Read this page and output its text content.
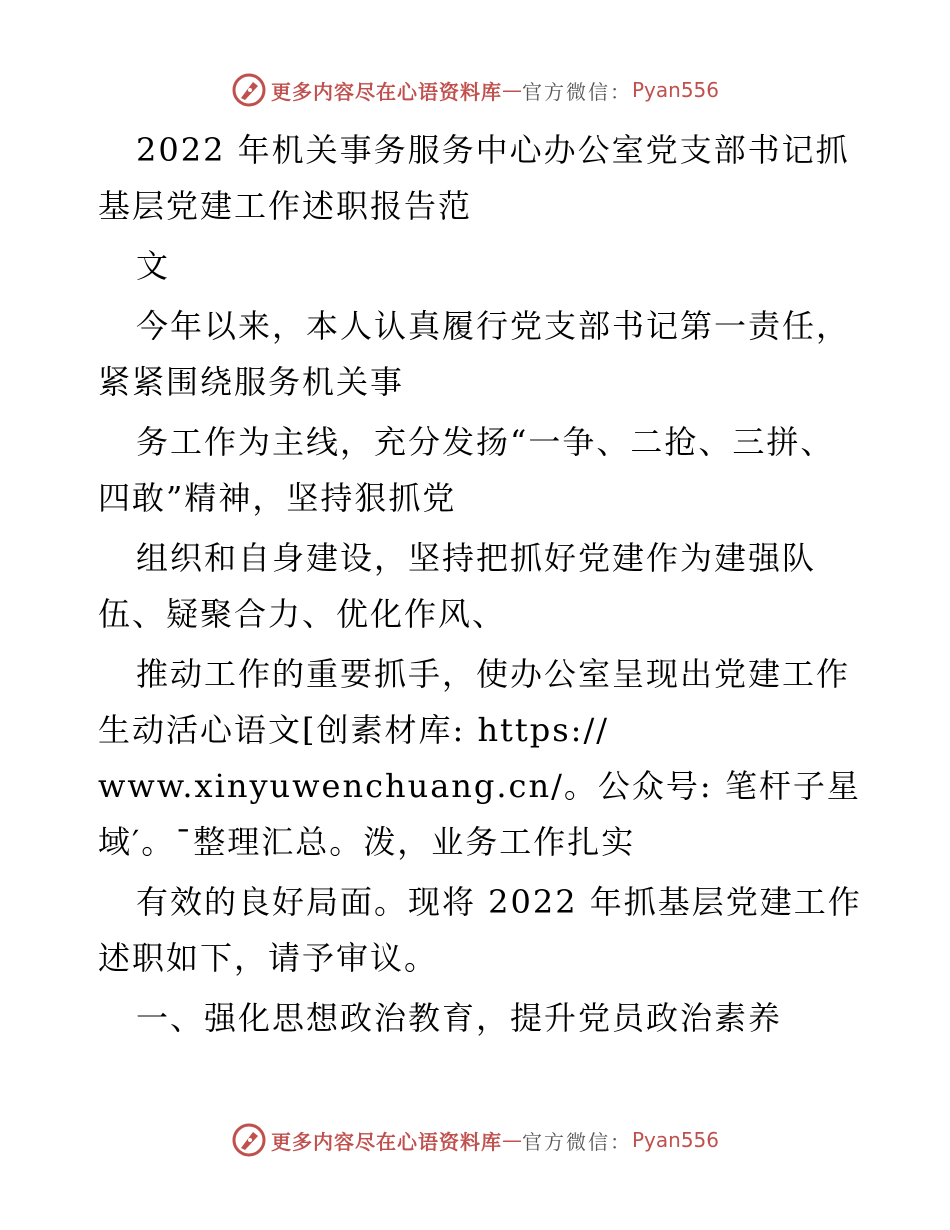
更多内容尽在心语资料库 — 官方微信： Pyan556
2022 年机关事务服务中心办公室党支部书记抓
基层党建工作述职报告范
文
今年以来，本人认真履行党支部书记第一责任，
紧紧围绕服务机关事
务工作为主线，充分发扬“一争、二抢、三拼、
四敢”精神，坚持狠抓党
组织和自身建设，坚持把抓好党建作为建强队
伍、疑聚合力、优化作风、
推动工作的重要抓手，使办公室呈现出党建工作
生动活心语文[创素材库: https://
www.xinyuwenchuang.cn/。公众号: 笔杆子星
域′。¯整理汇总。泼，业务工作扎实
有效的良好局面。现将 2022 年抓基层党建工作
述职如下，请予审议。
一、强化思想政治教育，提升党员政治素养
更多内容尽在心语资料库 — 官方微信： Pyan556
